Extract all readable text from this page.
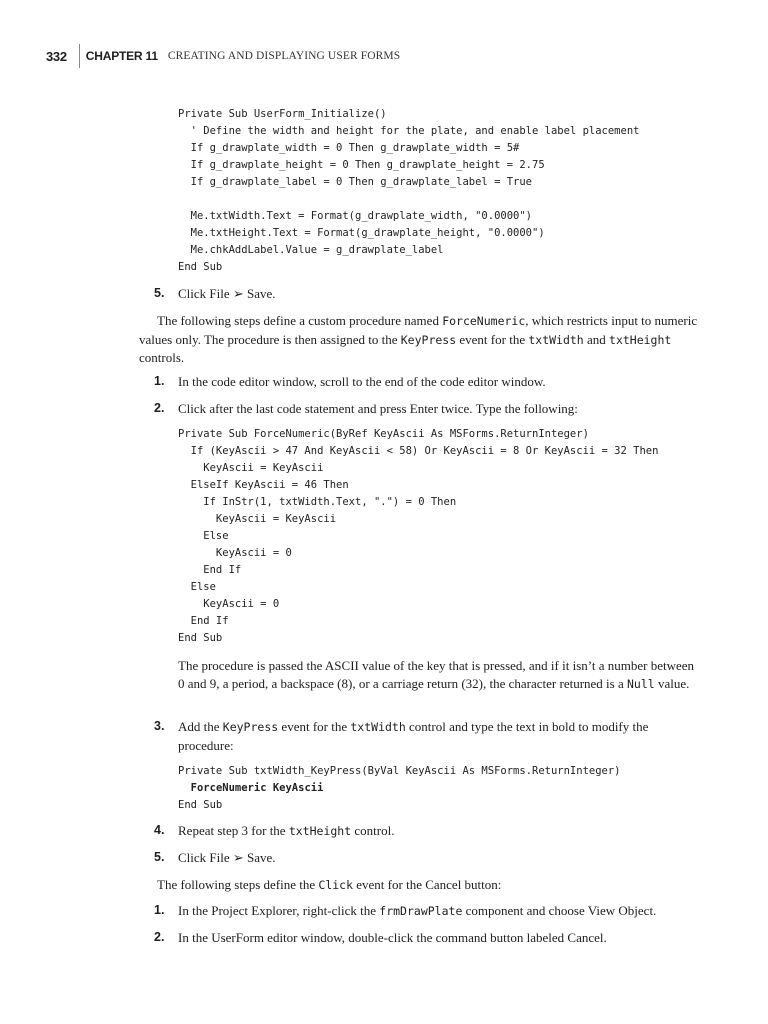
332 CHAPTER 11 CREATING AND DISPLAYING USER FORMS
Private Sub UserForm_Initialize()
' Define the width and height for the plate, and enable label placement
If g_drawplate_width = 0 Then g_drawplate_width = 5#
If g_drawplate_height = 0 Then g_drawplate_height = 2.75
If g_drawplate_label = 0 Then g_drawplate_label = True

Me.txtWidth.Text = Format(g_drawplate_width, "0.0000")
Me.txtHeight.Text = Format(g_drawplate_height, "0.0000")
Me.chkAddLabel.Value = g_drawplate_label
End Sub
5. Click File ➢ Save.
The following steps define a custom procedure named ForceNumeric, which restricts input to numeric values only. The procedure is then assigned to the KeyPress event for the txtWidth and txtHeight controls.
1. In the code editor window, scroll to the end of the code editor window.
2. Click after the last code statement and press Enter twice. Type the following:
Private Sub ForceNumeric(ByRef KeyAscii As MSForms.ReturnInteger)
If (KeyAscii > 47 And KeyAscii < 58) Or KeyAscii = 8 Or KeyAscii = 32 Then
KeyAscii = KeyAscii
ElseIf KeyAscii = 46 Then
If InStr(1, txtWidth.Text, ".") = 0 Then
KeyAscii = KeyAscii
Else
KeyAscii = 0
End If
Else
KeyAscii = 0
End If
End Sub
The procedure is passed the ASCII value of the key that is pressed, and if it isn’t a number between 0 and 9, a period, a backspace (8), or a carriage return (32), the character returned is a Null value.
3. Add the KeyPress event for the txtWidth control and type the text in bold to modify the procedure:
Private Sub txtWidth_KeyPress(ByVal KeyAscii As MSForms.ReturnInteger)
ForceNumeric KeyAscii
End Sub
4. Repeat step 3 for the txtHeight control.
5. Click File ➢ Save.
The following steps define the Click event for the Cancel button:
1. In the Project Explorer, right-click the frmDrawPlate component and choose View Object.
2. In the UserForm editor window, double-click the command button labeled Cancel.
